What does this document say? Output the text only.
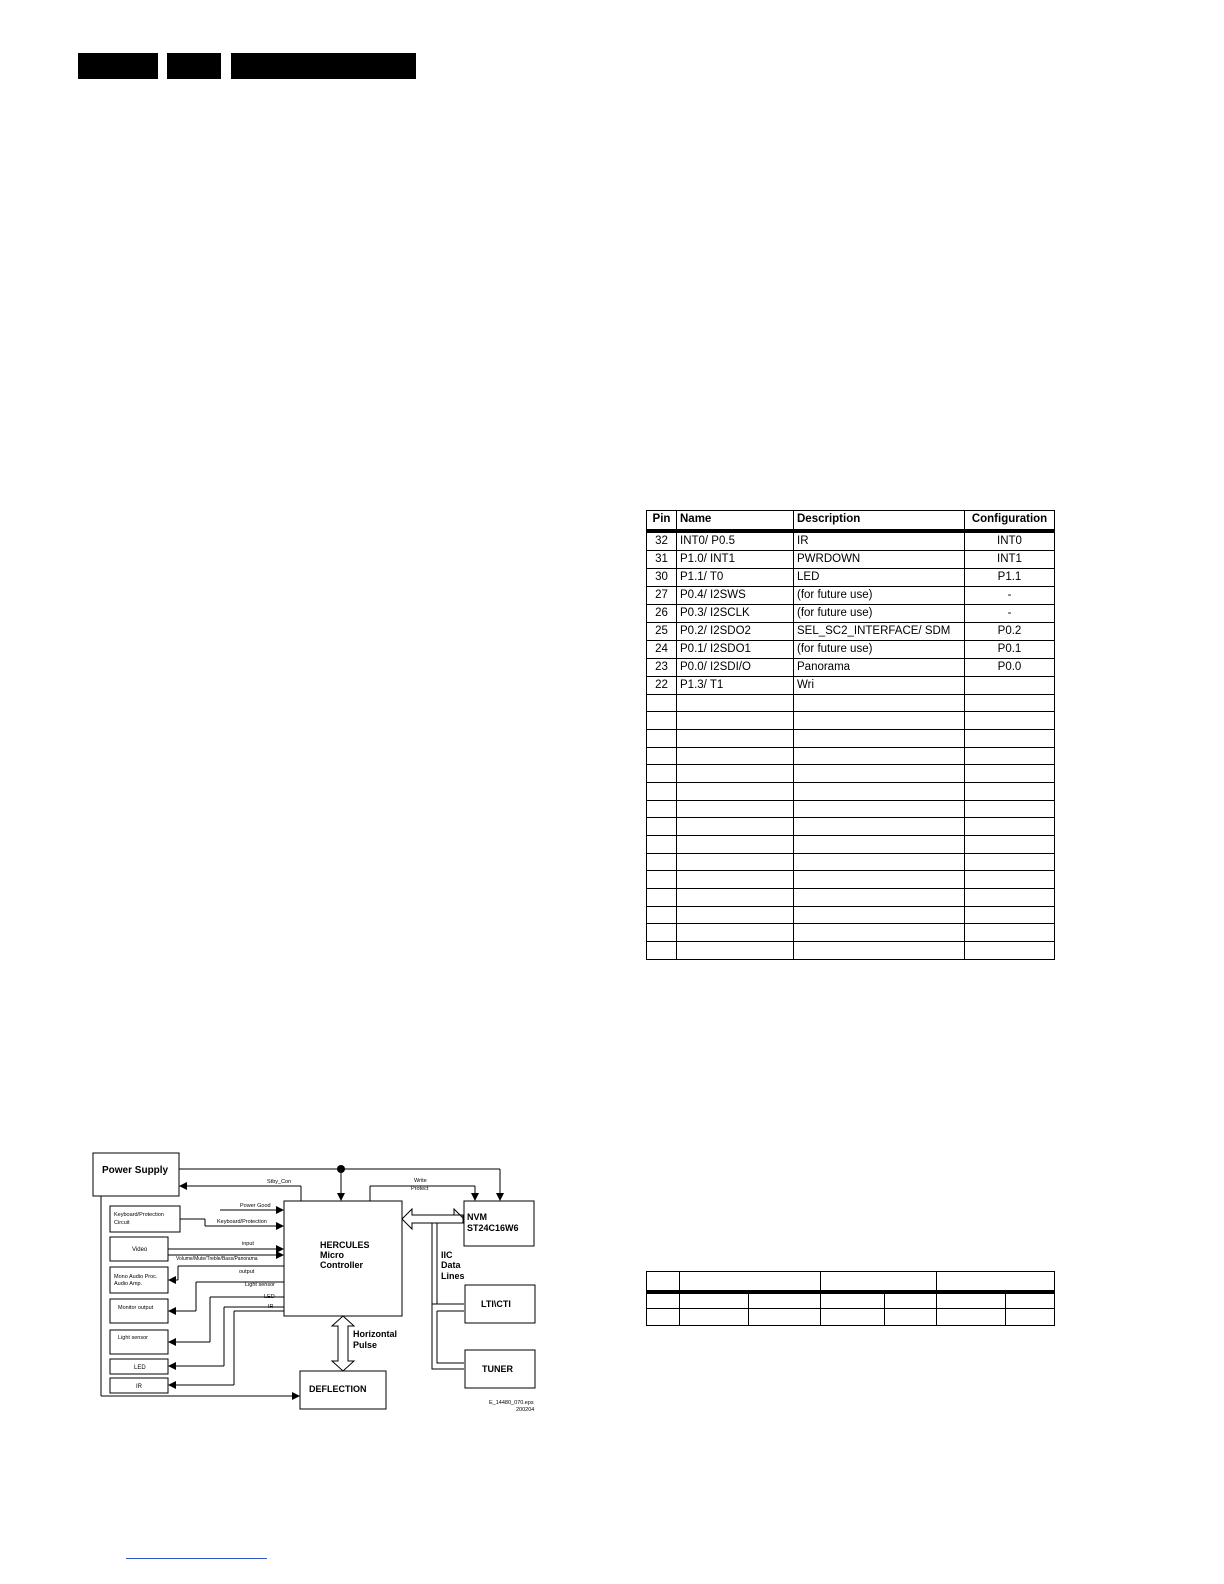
Pin	Name	Description	Configuration
32	INT0/ P0.5	IR	INT0
31	P1.0/ INT1	PWRDOWN	INT1
30	P1.1/ T0	LED	P1.1
27	P0.4/ I2SWS	(for future use)	-
26	P0.3/ I2SCLK	(for future use)	-
25	P0.2/ I2SDO2	SEL_SC2_INTERFACE/ SDM	P0.2
24	P0.1/ I2SDO1	(for future use)	P0.1
23	P0.0/ I2SDI/O	Panorama	P0.0
22	P1.3/ T1	Wri	

Power Supply
Keyboard/Protection
Circuit
Video
Mono Audio Proc.
Audio Amp.
Monitor output
Light sensor
LED
IR
HERCULES
Micro
Controller
NVM
ST24C16W6
LTI\CTI
TUNER
DEFLECTION
Stby_Con	Write
Protect
Power Good
Keyboard/Protection
input
Volume/Mute/Treble/Bass/Panorama
output
Light sensor
LED
IR
IIC
Data
Lines
Horizontal
Pulse
E_14480_070.eps
200204
